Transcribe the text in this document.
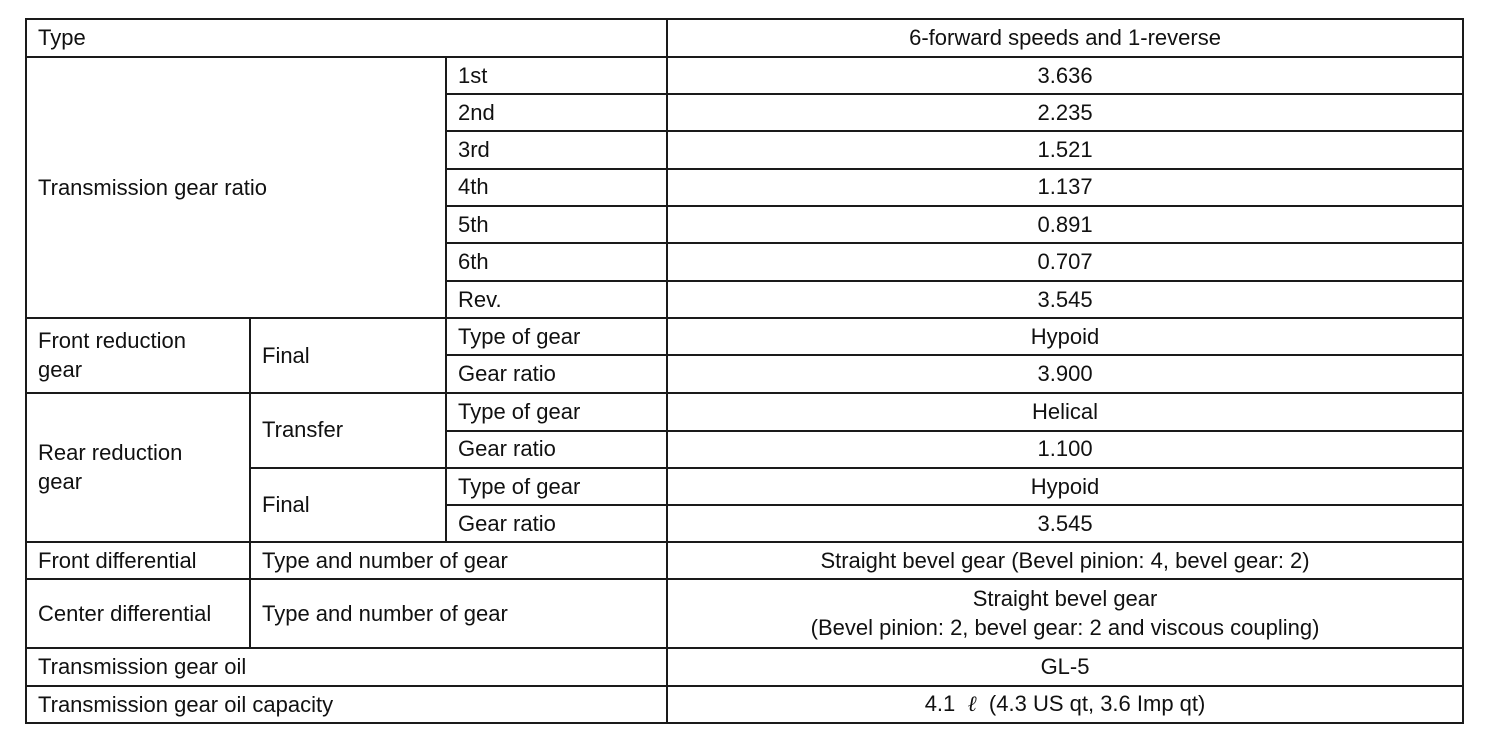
Type			6-forward speeds and 1-reverse
Transmission gear ratio		1st	3.636
		2nd	2.235
		3rd	1.521
		4th	1.137
		5th	0.891
		6th	0.707
		Rev.	3.545

Front reduction
gear	Final	Type of gear	Hypoid
		Gear ratio	3.900

Rear reduction
gear	Transfer	Type of gear	Helical
		Gear ratio	1.100
	Final	Type of gear	Hypoid
		Gear ratio	3.545
Front differential	Type and number of gear		Straight bevel gear (Bevel pinion: 4, bevel gear: 2)
Center differential	Type and number of gear		Straight bevel gear
(Bevel pinion: 2, bevel gear: 2 and viscous coupling)

Transmission gear oil			GL-5
Transmission gear oil capacity			4.1 ℓ (4.3 US qt, 3.6 Imp qt)
